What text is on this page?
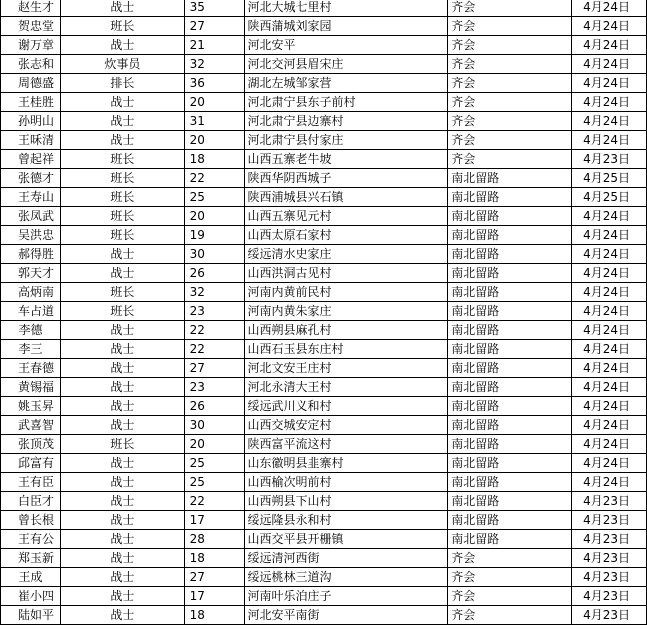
赵生才	战士	35	河北大城七里村	齐会	4月24日
贺忠堂	班长	27	陕西蒲城刘家园	齐会	4月24日
谢万章	战士	21	河北安平	齐会	4月24日
张志和	炊事员	32	河北交河县眉宋庄	齐会	4月24日
周德盛	排长	36	湖北左城邹家营	齐会	4月24日
王桂胜	战士	20	河北肃宁县东子前村	齐会	4月24日
孙明山	战士	31	河北肃宁县边寨村	齐会	4月24日
王咊清	战士	20	河北肃宁县付家庄	齐会	4月24日
曾起祥	班长	18	山西五寨老牛坡	齐会	4月23日
张德才	班长	22	陕西华阴西城子	南北留路	4月25日
王寿山	班长	25	陕西浦城县兴石镇	南北留路	4月25日
张凤武	班长	20	山西五寨见元村	南北留路	4月24日
吴洪忠	班长	19	山西太原石家村	南北留路	4月24日
郝得胜	战士	30	绥远清水史家庄	南北留路	4月24日
郭天才	战士	26	山西洪洞古见村	南北留路	4月24日
高炳南	班长	32	河南内黄前民村	南北留路	4月24日
车占道	班长	23	河南内黄朱家庄	南北留路	4月24日
李德	战士	22	山西朔县麻孔村	南北留路	4月24日
李三	战士	22	山西石玉县东庄村	南北留路	4月24日
王春德	战士	27	河北文安王庄村	南北留路	4月24日
黄锡福	战士	23	河北永清大王村	南北留路	4月24日
姚玉昇	战士	26	绥远武川义和村	南北留路	4月24日
武喜智	战士	30	山西交城安定村	南北留路	4月24日
张顶茂	班长	20	陕西富平流这村	南北留路	4月24日
邱富有	战士	25	山东徽明县韭寨村	南北留路	4月24日
王有臣	战士	25	山西榆次明前村	南北留路	4月24日
白臣才	战士	22	山西朔县下山村	南北留路	4月23日
曾长根	战士	17	绥远隆县永和村	南北留路	4月23日
王有公	战士	28	山西交平县开栅镇	南北留路	4月23日
郑玉新	战士	18	绥远清河西街	齐会	4月23日
王成	战士	27	绥远桃林三道沟	齐会	4月23日
崔小四	战士	17	河南叶乐泊庄子	齐会	4月23日
陆如平	战士	18	河北安平南街	齐会	4月23日
